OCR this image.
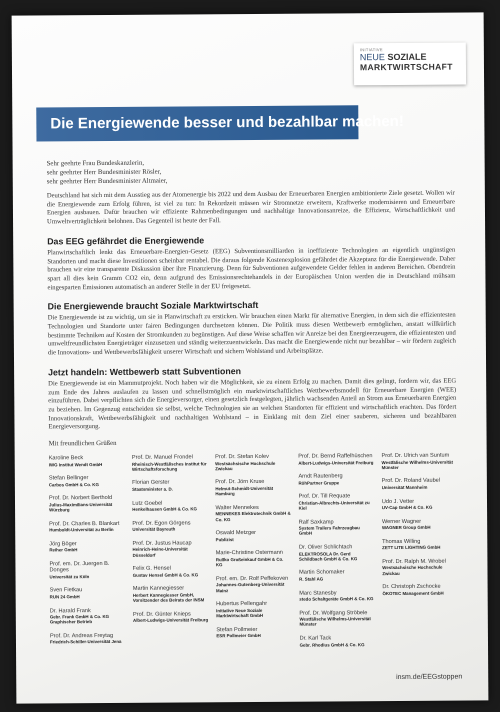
INITIATIVE
NEUE SOZIALE
MARKTWIRTSCHAFT
Die Energiewende besser und bezahlbar machen!
Sehr geehrte Frau Bundeskanzlerin,
sehr geehrter Herr Bundesminister Rösler,
sehr geehrter Herr Bundesminister Altmaier,

Deutschland hat sich mit dem Ausstieg aus der Atomenergie bis 2022 und dem Ausbau der Erneuerbaren Energien ambitionierte Ziele gesetzt. Wollen wir die Energiewende zum Erfolg führen, ist viel zu tun: In Rekordzeit müssen wir Stromnetze erweitern, Kraftwerke modernisieren und Erneuerbare Energien ausbauen. Dafür brauchen wir effiziente Rahmenbedingungen und nachhaltige Innovationsanreize, die Effizienz, Wirtschaftlichkeit und Umweltverträglichkeit belohnen. Das Gegenteil ist heute der Fall.

Das EEG gefährdet die Energiewende

Planwirtschaftlich lenkt das Erneuerbare-Energien-Gesetz (EEG) Subventionsmilliarden in ineffiziente Technologien an eigentlich ungünstigen Standorten und macht diese Investitionen scheinbar rentabel. Die daraus folgende Kostenexplosion gefährdet die Akzeptanz für die Energiewende. Daher brauchen wir eine transparente Diskussion über ihre Finanzierung. Denn für Subventionen aufgewendete Gelder fehlen in anderen Bereichen. Obendrein spart all dies kein Gramm CO2 ein, denn aufgrund des Emissionsrechtehandels in der Europäischen Union werden die in Deutschland mühsam eingesparten Emissionen automatisch an anderer Stelle in der EU freigesetzt.

Die Energiewende braucht Soziale Marktwirtschaft

Die Energiewende ist zu wichtig, um sie in Planwirtschaft zu ersticken. Wir brauchen einen Markt für alternative Energien, in dem sich die effizientesten Technologien und Standorte unter fairen Bedingungen durchsetzen können. Die Politik muss diesen Wettbewerb ermöglichen, anstatt willkürlich bestimmte Techniken auf Kosten der Stromkunden zu begünstigen. Auf diese Weise schaffen wir Anreize bei den Energieerzeugern, die effizientesten und umweltfreundlichsten Energieträger einzusetzen und ständig weiterzuentwickeln. Das macht die Energiewende nicht nur bezahlbar – wir fördern zugleich die Innovations- und Wettbewerbsfähigkeit unserer Wirtschaft und sichern Wohlstand und Arbeitsplätze.

Jetzt handeln: Wettbewerb statt Subventionen

Die Energiewende ist ein Mammutprojekt. Noch haben wir die Möglichkeit, sie zu einem Erfolg zu machen. Damit dies gelingt, fordern wir, das EEG zum Ende des Jahres auslaufen zu lassen und schnellstmöglich ein marktwirtschaftliches Wettbewerbsmodell für Erneuerbare Energien (WEE) einzuführen. Dabei verpflichten sich die Energieversorger, einen gesetzlich festgelegten, jährlich wachsenden Anteil an Strom aus Erneuerbaren Energien zu beziehen. Im Gegenzug entscheiden sie selbst, welche Technologien sie an welchen Standorten für effizient und wirtschaftlich erachten. Das fördert Innovationskraft, Wettbewerbsfähigkeit und nachhaltigen Wohlstand – in Einklang mit dem Ziel einer sauberen, sicheren und bezahlbaren Energieversorgung.

Mit freundlichen Grüßen
Karoline Beck
IWG Institut Wendt GmbH
Stefan Bellinger
Carbos GmbH & Co. KG
Prof. Dr. Norbert Berthold
Julius-Maximilians-Universität Würzburg
Prof. Dr. Charles B. Blankart
Humboldt-Universität zu Berlin
Jörg Böger
Reiher GmbH
Prof. em. Dr. Juergen B. Donges
Universität zu Köln
Sven Fietkau
RUN 24 GmbH
Dr. Harald Frank
Gebr. Frank GmbH & Co. KG Graphischer Betrieb
Prof. Dr. Andreas Freytag
Friedrich-Schiller-Universität Jena
Prof. Dr. Manuel Frondel
Rheinisch-Westfälisches Institut für Wirtschaftsforschung
Florian Gerster
Staatsminister a. D.
Lutz Goebel
Henkelhausen GmbH & Co. KG
Prof. Dr. Egon Görgens
Universität Bayreuth
Prof. Dr. Justus Haucap
Heinrich-Heine-Universität Düsseldorf
Felix G. Hensel
Gustav Hensel GmbH & Co. KG
Martin Kannegiesser
Herbert Kannegiesser GmbH, Vorsitzender des Beirats der INSM
Prof. Dr. Günter Knieps
Albert-Ludwigs-Universität Freiburg
Prof. Dr. Stefan Kolev
Westsächsische Hochschule Zwickau
Prof. Dr. Jörn Kruse
Helmut-Schmidt-Universität Hamburg
Walter Mennekes
MENNEKES Elektrotechnik GmbH & Co. KG
Oswald Metzger
Publizist
Marie-Christine Ostermann
Rullko Großeinkauf GmbH & Co. KG
Prof. em. Dr. Rolf Peffekoven
Johannes-Gutenberg-Universität Mainz
Hubertus Pellengahr
Initiative Neue Soziale Marktwirtschaft GmbH
Stefan Pollmeier
ESR Pollmeier GmbH
Prof. Dr. Bernd Raffelhüschen
Albert-Ludwigs-Universität Freiburg
Arndt Rautenberg
RöhPartner Gruppe
Prof. Dr. Till Requate
Christian-Albrechts-Universität zu Kiel
Ralf Saxkamp
System Trailers Fahrzeugbau GmbH
Dr. Oliver Schlichtach
ELEKTROSOLA Dr. Gerd Schildbach GmbH & Co. KG
Martin Schomaker
R. Stahl AG
Marc Stanesby
stedo Schaltgeräte GmbH & Co. KG
Prof. Dr. Wolfgang Ströbele
Westfälische Wilhelms-Universität Münster
Dr. Karl Tack
Gebr. Rhodius GmbH & Co. KG
Prof. Dr. Ulrich van Suntum
Westfälische Wilhelms-Universität Münster
Prof. Dr. Roland Vaubel
Universität Mannheim
Udo J. Vetter
UV-Cap GmbH & Co. KG
Werner Wagner
WAGNER Group GmbH
Thomas Willing
ZETT LITE LIGHTING GmbH
Prof. Dr. Ralph M. Wrobel
Westsächsische Hochschule Zwickau
Dr. Christoph Zschocke
ÖKOTEC Management GmbH
insm.de/EEGstoppen
